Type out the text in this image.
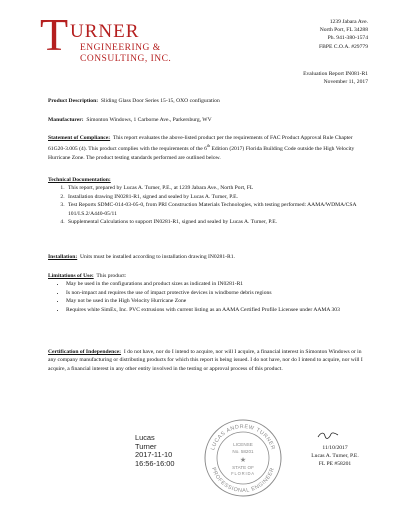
T URNER
ENGINEERING &
CONSULTING, INC.
1239 Jabara Ave.
North Port, FL 34288
Ph. 941-380-1574
FBPE C.O.A. #29779
Evaluation Report IN081-R1
November 11, 2017

Product Description: Sliding Glass Door Series 15-15, OXO configuration

Manufacturer: Simonton Windows, 1 Carborne Ave., Parkersburg, WV

Statement of Compliance: This report evaluates the above-listed product per the requirements of FAC Product Approval Rule Chapter 61G20-3.005 (4). This product complies with the requirements of the 6th Edition (2017) Florida Building Code outside the High Velocity Hurricane Zone. The product testing standards performed are outlined below.

Technical Documentation:

1. This report, prepared by Lucas A. Turner, P.E., at 1239 Jabara Ave., North Port, FL
2. Installation drawing IN0281-R1, signed and sealed by Lucas A. Turner, P.E.
3. Test Reports SDMC-014-03-05-0, from PRI Construction Materials Technologies, with testing performed: AAMA/WDMA/CSA 101/I.S.2/A440-05/11
4. Supplemental Calculations to support IN0281-R1, signed and sealed by Lucas A. Turner, P.E.

Installation: Units must be installed according to installation drawing IN0281-R1.

Limitations of Use: This product:

• May be used in the configurations and product sizes as indicated in IN0281-R1
• Is non-impact and requires the use of impact protective devices in windborne debris regions
• May not be used in the High Velocity Hurricane Zone
• Requires white SimEx, Inc. PVC extrusions with current listing as an AAMA Certified Profile Licensee under AAMA 303

Certification of Independence: I do not have, nor do I intend to acquire, nor will I acquire, a financial interest in Simonton Windows or in any company manufacturing or distributing products for which this report is being issued. I do not have, nor do I intend to acquire, nor will I acquire, a financial interest in any other entity involved in the testing or approval process of this product.

Lucas
Turner
2017-11-10
16:56-16:00
LUCAS ANDREW TURNER
PROFESSIONAL ENGINEER
LICENSE
No. 58201
★
STATE OF
FLORIDA
11/10/2017
Lucas A. Turner, P.E.
FL PE #58201
